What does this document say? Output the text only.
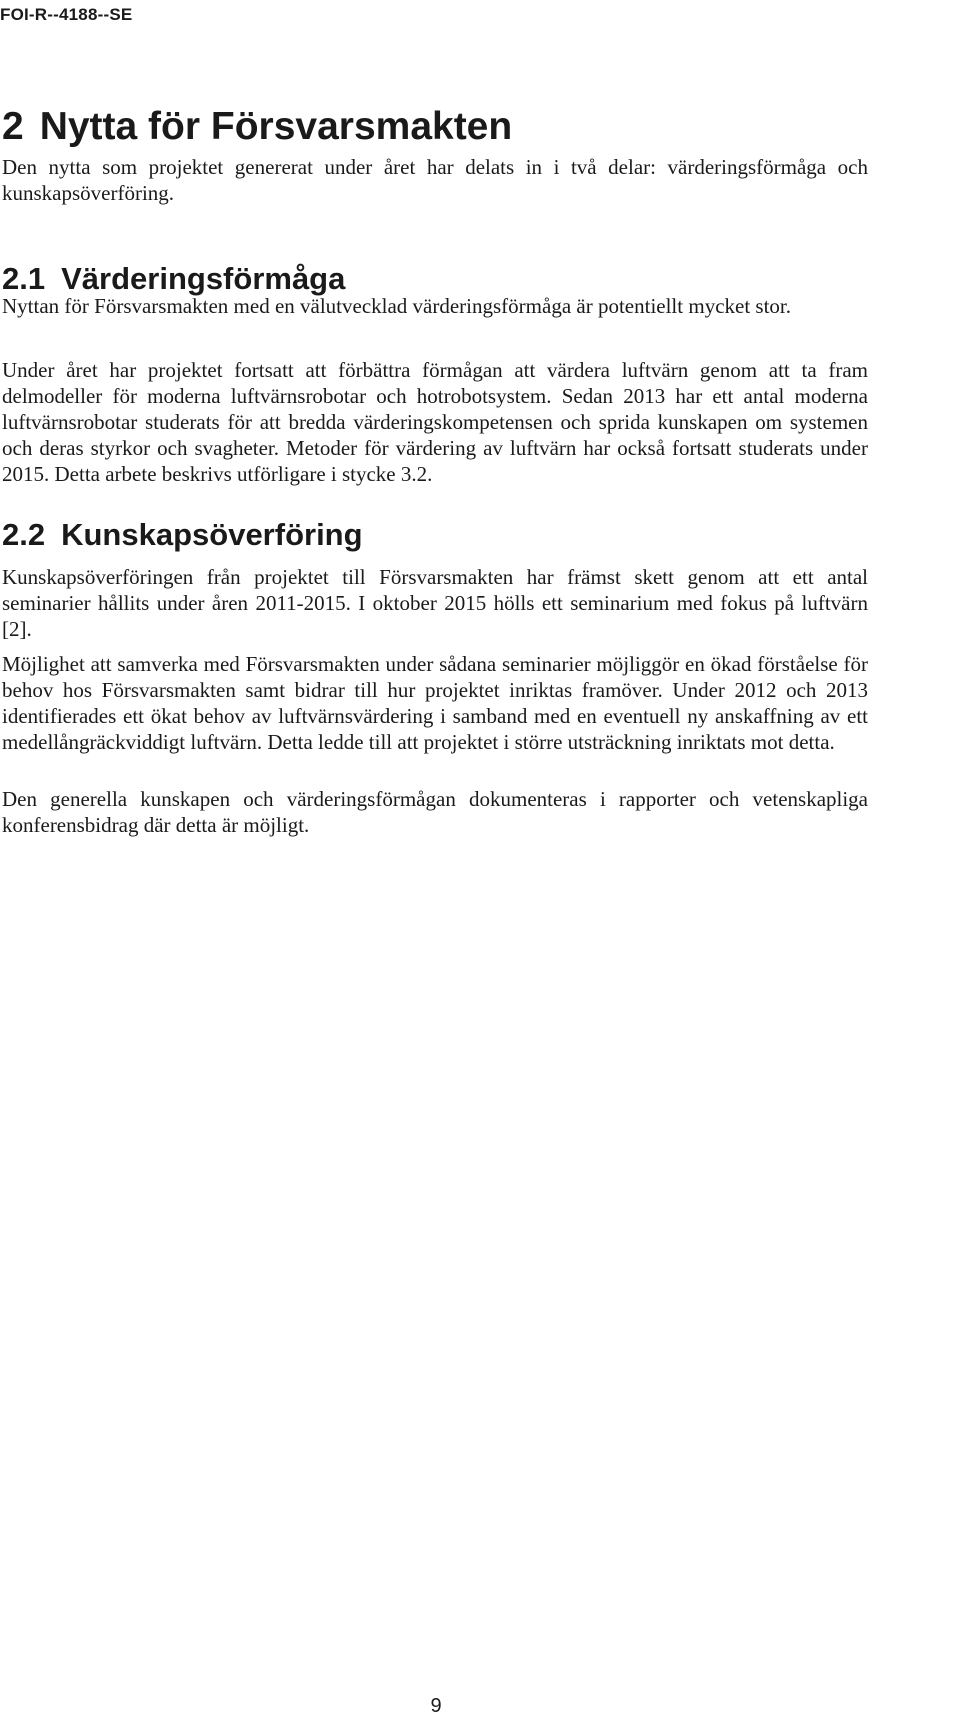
FOI-R--4188--SE

2 Nytta för Försvarsmakten

Den nytta som projektet genererat under året har delats in i två delar: värderingsförmåga och kunskapsöverföring.

2.1 Värderingsförmåga

Nyttan för Försvarsmakten med en välutvecklad värderingsförmåga är potentiellt mycket stor.

Under året har projektet fortsatt att förbättra förmågan att värdera luftvärn genom att ta fram delmodeller för moderna luftvärnsrobotar och hotrobotsystem. Sedan 2013 har ett antal moderna luftvärnsrobotar studerats för att bredda värderingskompetensen och sprida kunskapen om systemen och deras styrkor och svagheter. Metoder för värdering av luftvärn har också fortsatt studerats under 2015. Detta arbete beskrivs utförligare i stycke 3.2.

2.2 Kunskapsöverföring

Kunskapsöverföringen från projektet till Försvarsmakten har främst skett genom att ett antal seminarier hållits under åren 2011-2015. I oktober 2015 hölls ett seminarium med fokus på luftvärn [2].

Möjlighet att samverka med Försvarsmakten under sådana seminarier möjliggör en ökad förståelse för behov hos Försvarsmakten samt bidrar till hur projektet inriktas framöver. Under 2012 och 2013 identifierades ett ökat behov av luftvärnsvärdering i samband med en eventuell ny anskaffning av ett medellångräckviddigt luftvärn. Detta ledde till att projektet i större utsträckning inriktats mot detta.

Den generella kunskapen och värderingsförmågan dokumenteras i rapporter och vetenskapliga konferensbidrag där detta är möjligt.

9
